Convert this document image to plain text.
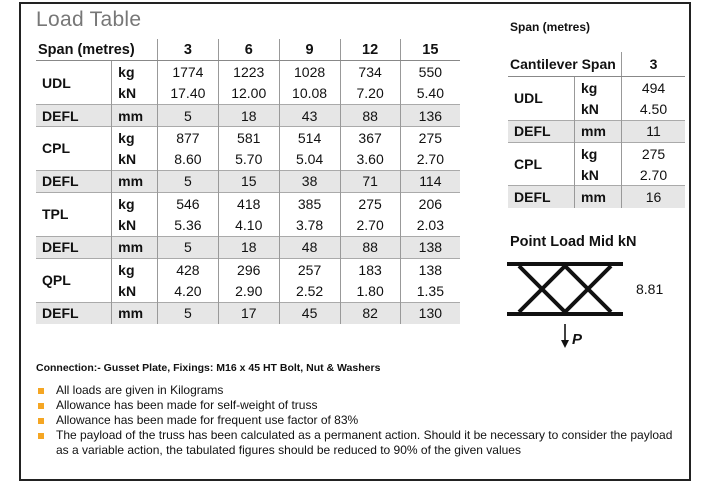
Load Table
Span (metres)		3	6	9	12	15
UDL	kg	1774	1223	1028	734	550
	kN	17.40	12.00	10.08	7.20	5.40
DEFL	mm	5	18	43	88	136
CPL	kg	877	581	514	367	275
	kN	8.60	5.70	5.04	3.60	2.70
DEFL	mm	5	15	38	71	114
TPL	kg	546	418	385	275	206
	kN	5.36	4.10	3.78	2.70	2.03
DEFL	mm	5	18	48	88	138
QPL	kg	428	296	257	183	138
	kN	4.20	2.90	2.52	1.80	1.35
DEFL	mm	5	17	45	82	130
Span (metres)
Cantilever Span		3
UDL	kg	494
	kN	4.50
DEFL	mm	11
CPL	kg	275
	kN	2.70
DEFL	mm	16
Point Load Mid kN
P
8.81
Connection:- Gusset Plate, Fixings: M16 x 45 HT Bolt, Nut & Washers
All loads are given in Kilograms
Allowance has been made for self-weight of truss
Allowance has been made for frequent use factor of 83%
The payload of the truss has been calculated as a permanent action. Should it be necessary to consider the payload as a variable action, the tabulated figures should be reduced to 90% of the given values
